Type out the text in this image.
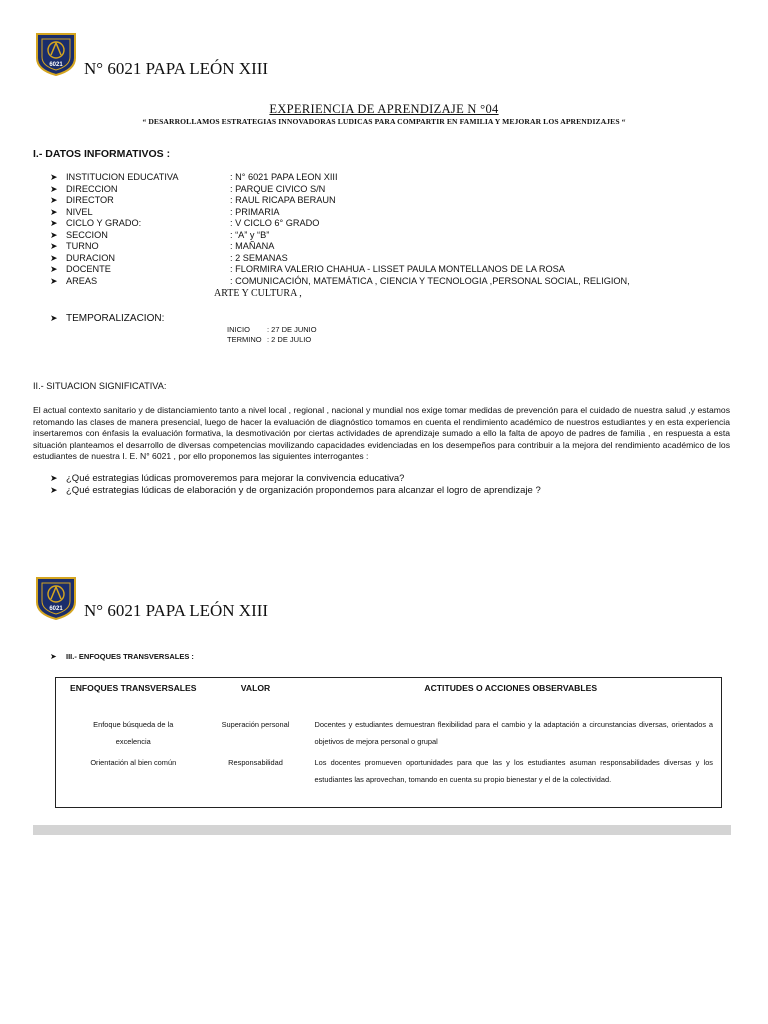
6021 N° 6021 PAPA LEÓN XIII
EXPERIENCIA DE APRENDIZAJE N °04
“ DESARROLLAMOS ESTRATEGIAS INNOVADORAS LUDICAS PARA COMPARTIR EN FAMILIA Y MEJORAR LOS APRENDIZAJES “
I.- DATOS INFORMATIVOS :
➤ INSTITUCION EDUCATIVA	: N° 6021 PAPA LEON XIII
➤ DIRECCION	: PARQUE CIVICO S/N
➤ DIRECTOR	: RAUL RICAPA BERAUN
➤ NIVEL	: PRIMARIA
➤ CICLO Y GRADO:	: V CICLO 6° GRADO
➤ SECCION	: “A” y “B”
➤ TURNO	: MAÑANA
➤ DURACION	: 2 SEMANAS
➤ DOCENTE	: FLORMIRA VALERIO CHAHUA - LISSET PAULA MONTELLANOS DE LA ROSA
➤ AREAS	: COMUNICACIÓN, MATEMÁTICA , CIENCIA Y TECNOLOGIA ,PERSONAL SOCIAL, RELIGION,
ARTE Y CULTURA ,
➤ TEMPORALIZACION:
INICIO : 27 DE JUNIO
TERMINO : 2 DE JULIO
II.- SITUACION SIGNIFICATIVA:
El actual contexto sanitario y de distanciamiento tanto a nivel local , regional , nacional y mundial nos exige tomar medidas de prevención para el cuidado de nuestra salud ,y estamos retomando las clases de manera presencial, luego de hacer la evaluación de diagnóstico tomamos en cuenta el rendimiento académico de nuestros estudiantes y en esta experiencia insertaremos con énfasis la evaluación formativa, la desmotivación por ciertas actividades de aprendizaje sumado a ello la falta de apoyo de padres de familia , en respuesta a esta situación planteamos el desarrollo de diversas competencias movilizando capacidades evidenciadas en los desempeños para contribuir a la mejora del rendimiento académico de los estudiantes de nuestra I. E. N° 6021 , por ello proponemos las siguientes interrogantes :
➤ ¿Qué estrategias lúdicas promoveremos para mejorar la convivencia educativa?
➤ ¿Qué estrategias lúdicas de elaboración y de organización propondemos para alcanzar el logro de aprendizaje ?
6021 N° 6021 PAPA LEÓN XIII
➤ III.- ENFOQUES TRANSVERSALES :
ENFOQUES TRANSVERSALES	VALOR	ACTITUDES O ACCIONES OBSERVABLES
Enfoque búsqueda de la excelencia	Superación personal	Docentes y estudiantes demuestran flexibilidad para el cambio y la adaptación a circunstancias diversas, orientados a objetivos de mejora personal o grupal
Orientación al bien común	Responsabilidad	Los docentes promueven oportunidades para que las y los estudiantes asuman responsabilidades diversas y los estudiantes las aprovechan, tomando en cuenta su propio bienestar y el de la colectividad.
